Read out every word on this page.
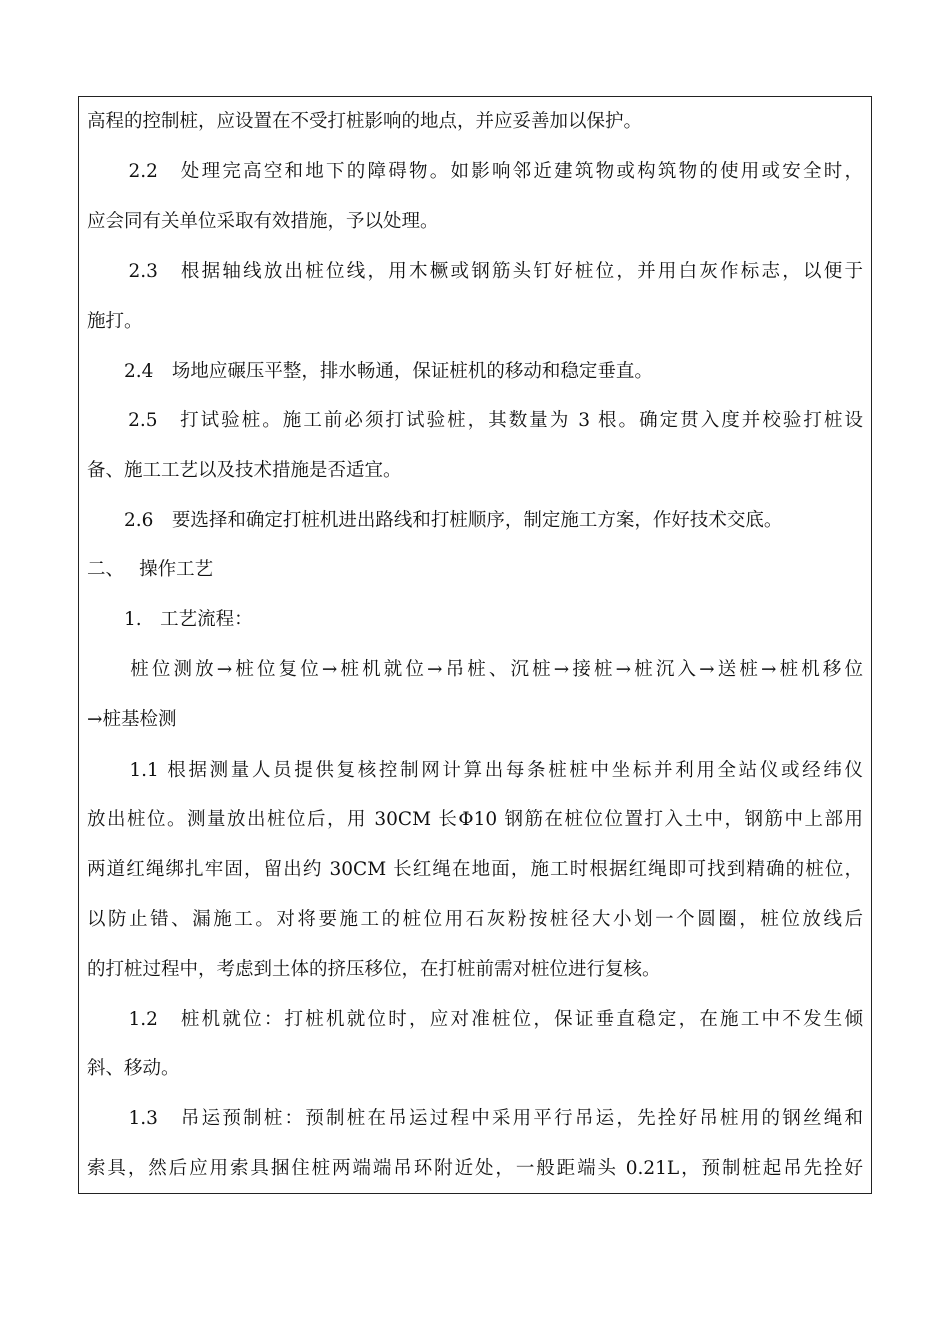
高程的控制桩，应设置在不受打桩影响的地点，并应妥善加以保护。
　　2.2　处理完高空和地下的障碍物。如影响邻近建筑物或构筑物的使用或安全时，
应会同有关单位采取有效措施，予以处理。
　　2.3　根据轴线放出桩位线，用木橛或钢筋头钉好桩位，并用白灰作标志，以便于
施打。
　　2.4　场地应碾压平整，排水畅通，保证桩机的移动和稳定垂直。
　　2.5　打试验桩。施工前必须打试验桩，其数量为 3 根。确定贯入度并校验打桩设
备、施工工艺以及技术措施是否适宜。
　　2.6　要选择和确定打桩机进出路线和打桩顺序，制定施工方案，作好技术交底。
二、　 操作工艺
　　1.　工艺流程：
　　桩位测放→桩位复位→桩机就位→吊桩、沉桩→接桩→桩沉入→送桩→桩机移位
→桩基检测
　　1.1 根据测量人员提供复核控制网计算出每条桩桩中坐标并利用全站仪或经纬仪
放出桩位。测量放出桩位后，用 30CM 长Φ10 钢筋在桩位位置打入土中，钢筋中上部用
两道红绳绑扎牢固，留出约 30CM 长红绳在地面，施工时根据红绳即可找到精确的桩位，
以防止错、漏施工。对将要施工的桩位用石灰粉按桩径大小划一个圆圈，桩位放线后
的打桩过程中，考虑到土体的挤压移位，在打桩前需对桩位进行复核。
　　1.2　桩机就位：打桩机就位时，应对准桩位，保证垂直稳定，在施工中不发生倾
斜、移动。
　　1.3　吊运预制桩：预制桩在吊运过程中采用平行吊运，先拴好吊桩用的钢丝绳和
索具，然后应用索具捆住桩两端端吊环附近处，一般距端头 0.21L，预制桩起吊先拴好
